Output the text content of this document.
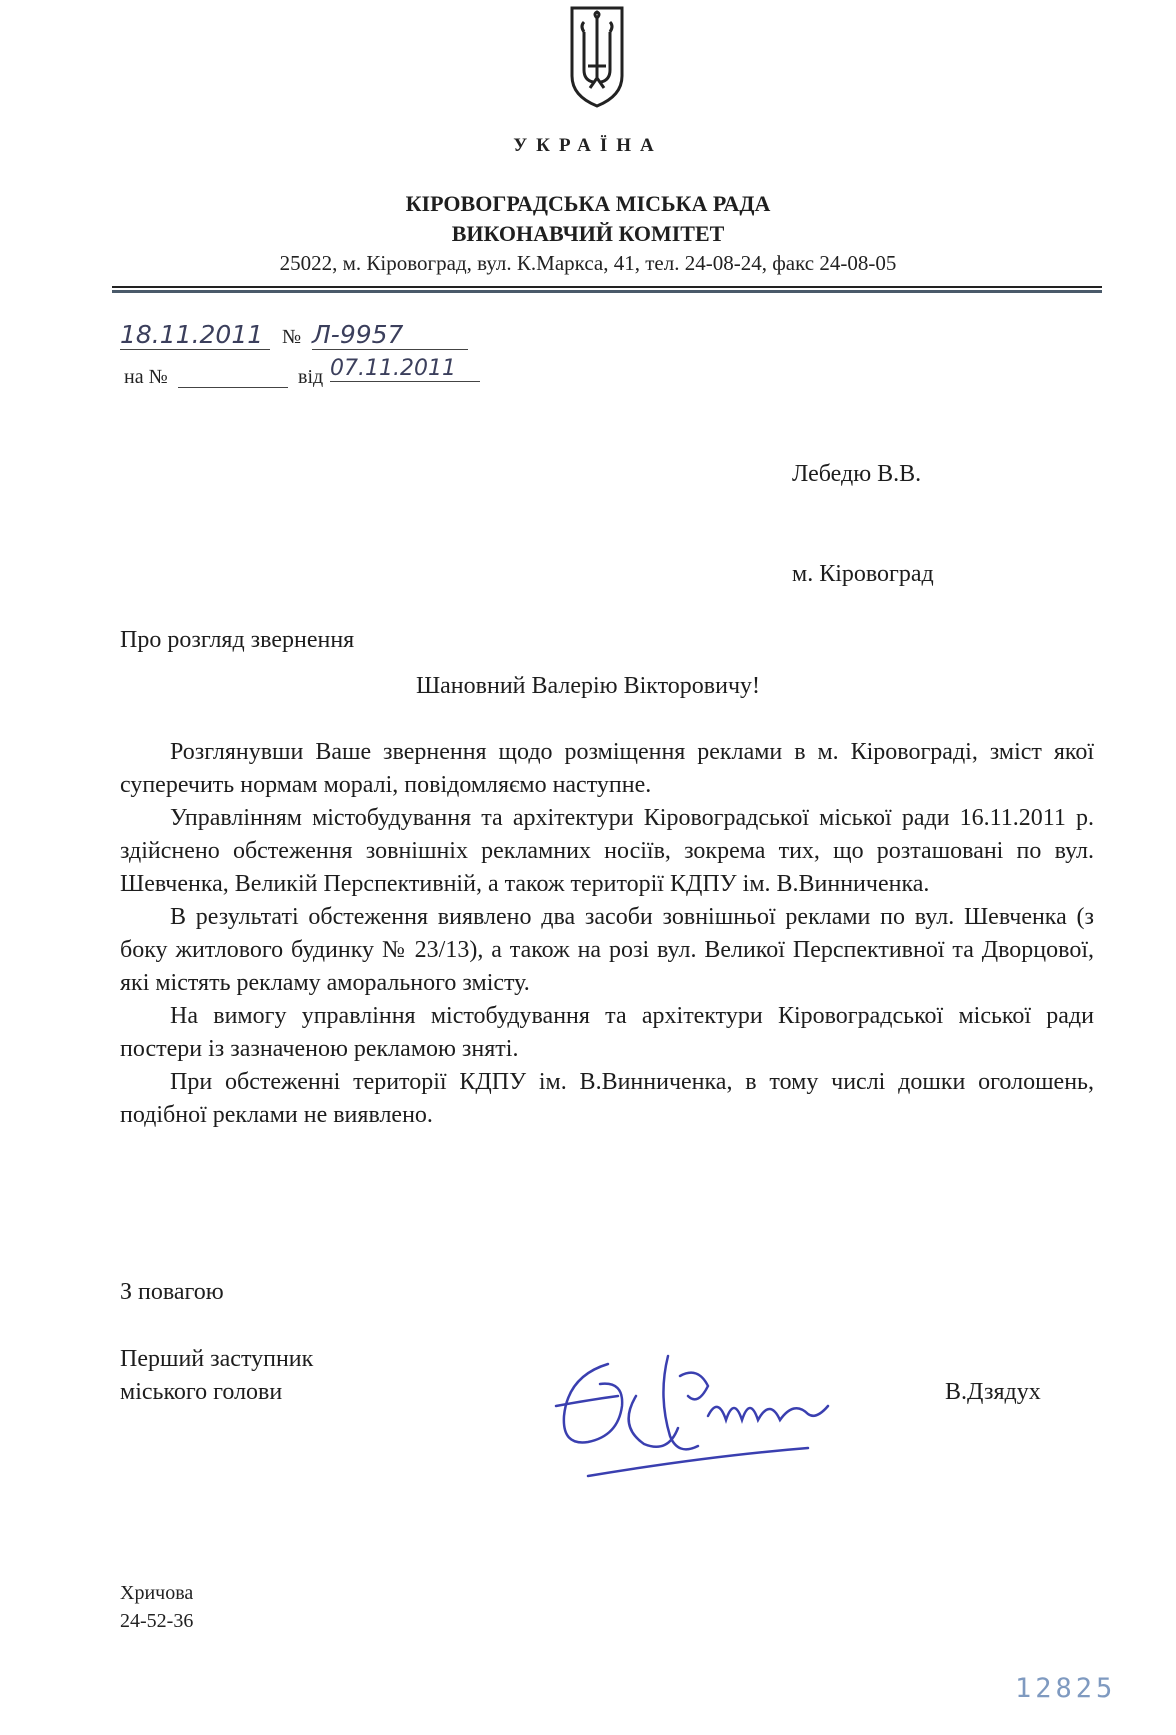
УКРАЇНА
КІРОВОГРАДСЬКА МІСЬКА РАДА
ВИКОНАВЧИЙ КОМІТЕТ
25022, м. Кіровоград, вул. К.Маркса, 41, тел. 24-08-24, факс 24-08-05
18.11.2011 № Л-9957
на №	від 07.11.2011
Лебедю В.В.
м. Кіровоград
Про розгляд звернення
Шановний Валерію Вікторовичу!

Розглянувши Ваше звернення щодо розміщення реклами в м. Кіровограді, зміст якої суперечить нормам моралі, повідомляємо наступне.

Управлінням містобудування та архітектури Кіровоградської міської ради 16.11.2011 р. здійснено обстеження зовнішніх рекламних носіїв, зокрема тих, що розташовані по вул. Шевченка, Великій Перспективній, а також території КДПУ ім. В.Винниченка.

В результаті обстеження виявлено два засоби зовнішньої реклами по вул. Шевченка (з боку житлового будинку № 23/13), а також на розі вул. Великої Перспективної та Дворцової, які містять рекламу аморального змісту.

На вимогу управління містобудування та архітектури Кіровоградської міської ради постери із зазначеною рекламою зняті.

При обстеженні території КДПУ ім. В.Винниченка, в тому числі дошки оголошень, подібної реклами не виявлено.

З повагою
Перший заступник
міського голови	В.Дзядух
Хричова
24-52-36
12825
